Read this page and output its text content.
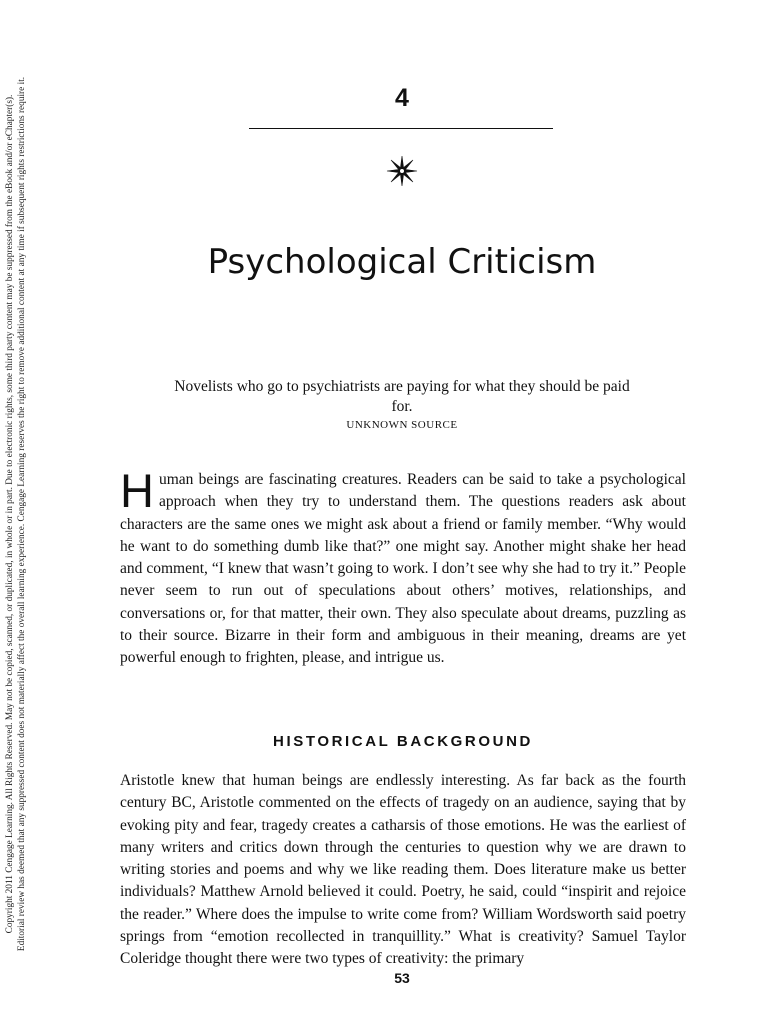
Copyright 2011 Cengage Learning. All Rights Reserved. May not be copied, scanned, or duplicated, in whole or in part. Due to electronic rights, some third party content may be suppressed from the eBook and/or eChapter(s). Editorial review has deemed that any suppressed content does not materially affect the overall learning experience. Cengage Learning reserves the right to remove additional content at any time if subsequent rights restrictions require it.	4
Psychological Criticism
Novelists who go to psychiatrists are paying for what they should be paid for.
UNKNOWN SOURCE

Human beings are fascinating creatures. Readers can be said to take a psychological approach when they try to understand them. The questions readers ask about characters are the same ones we might ask about a friend or family member. “Why would he want to do something dumb like that?” one might say. Another might shake her head and comment, “I knew that wasn’t going to work. I don’t see why she had to try it.” People never seem to run out of speculations about others’ motives, relationships, and conversations or, for that matter, their own. They also speculate about dreams, puzzling as to their source. Bizarre in their form and ambiguous in their meaning, dreams are yet powerful enough to frighten, please, and intrigue us.

HISTORICAL BACKGROUND

Aristotle knew that human beings are endlessly interesting. As far back as the fourth century BC, Aristotle commented on the effects of tragedy on an audience, saying that by evoking pity and fear, tragedy creates a catharsis of those emotions. He was the earliest of many writers and critics down through the centuries to question why we are drawn to writing stories and poems and why we like reading them. Does literature make us better individuals? Matthew Arnold believed it could. Poetry, he said, could “inspirit and rejoice the reader.” Where does the impulse to write come from? William Wordsworth said poetry springs from “emotion recollected in tranquillity.” What is creativity? Samuel Taylor Coleridge thought there were two types of creativity: the primary

53
